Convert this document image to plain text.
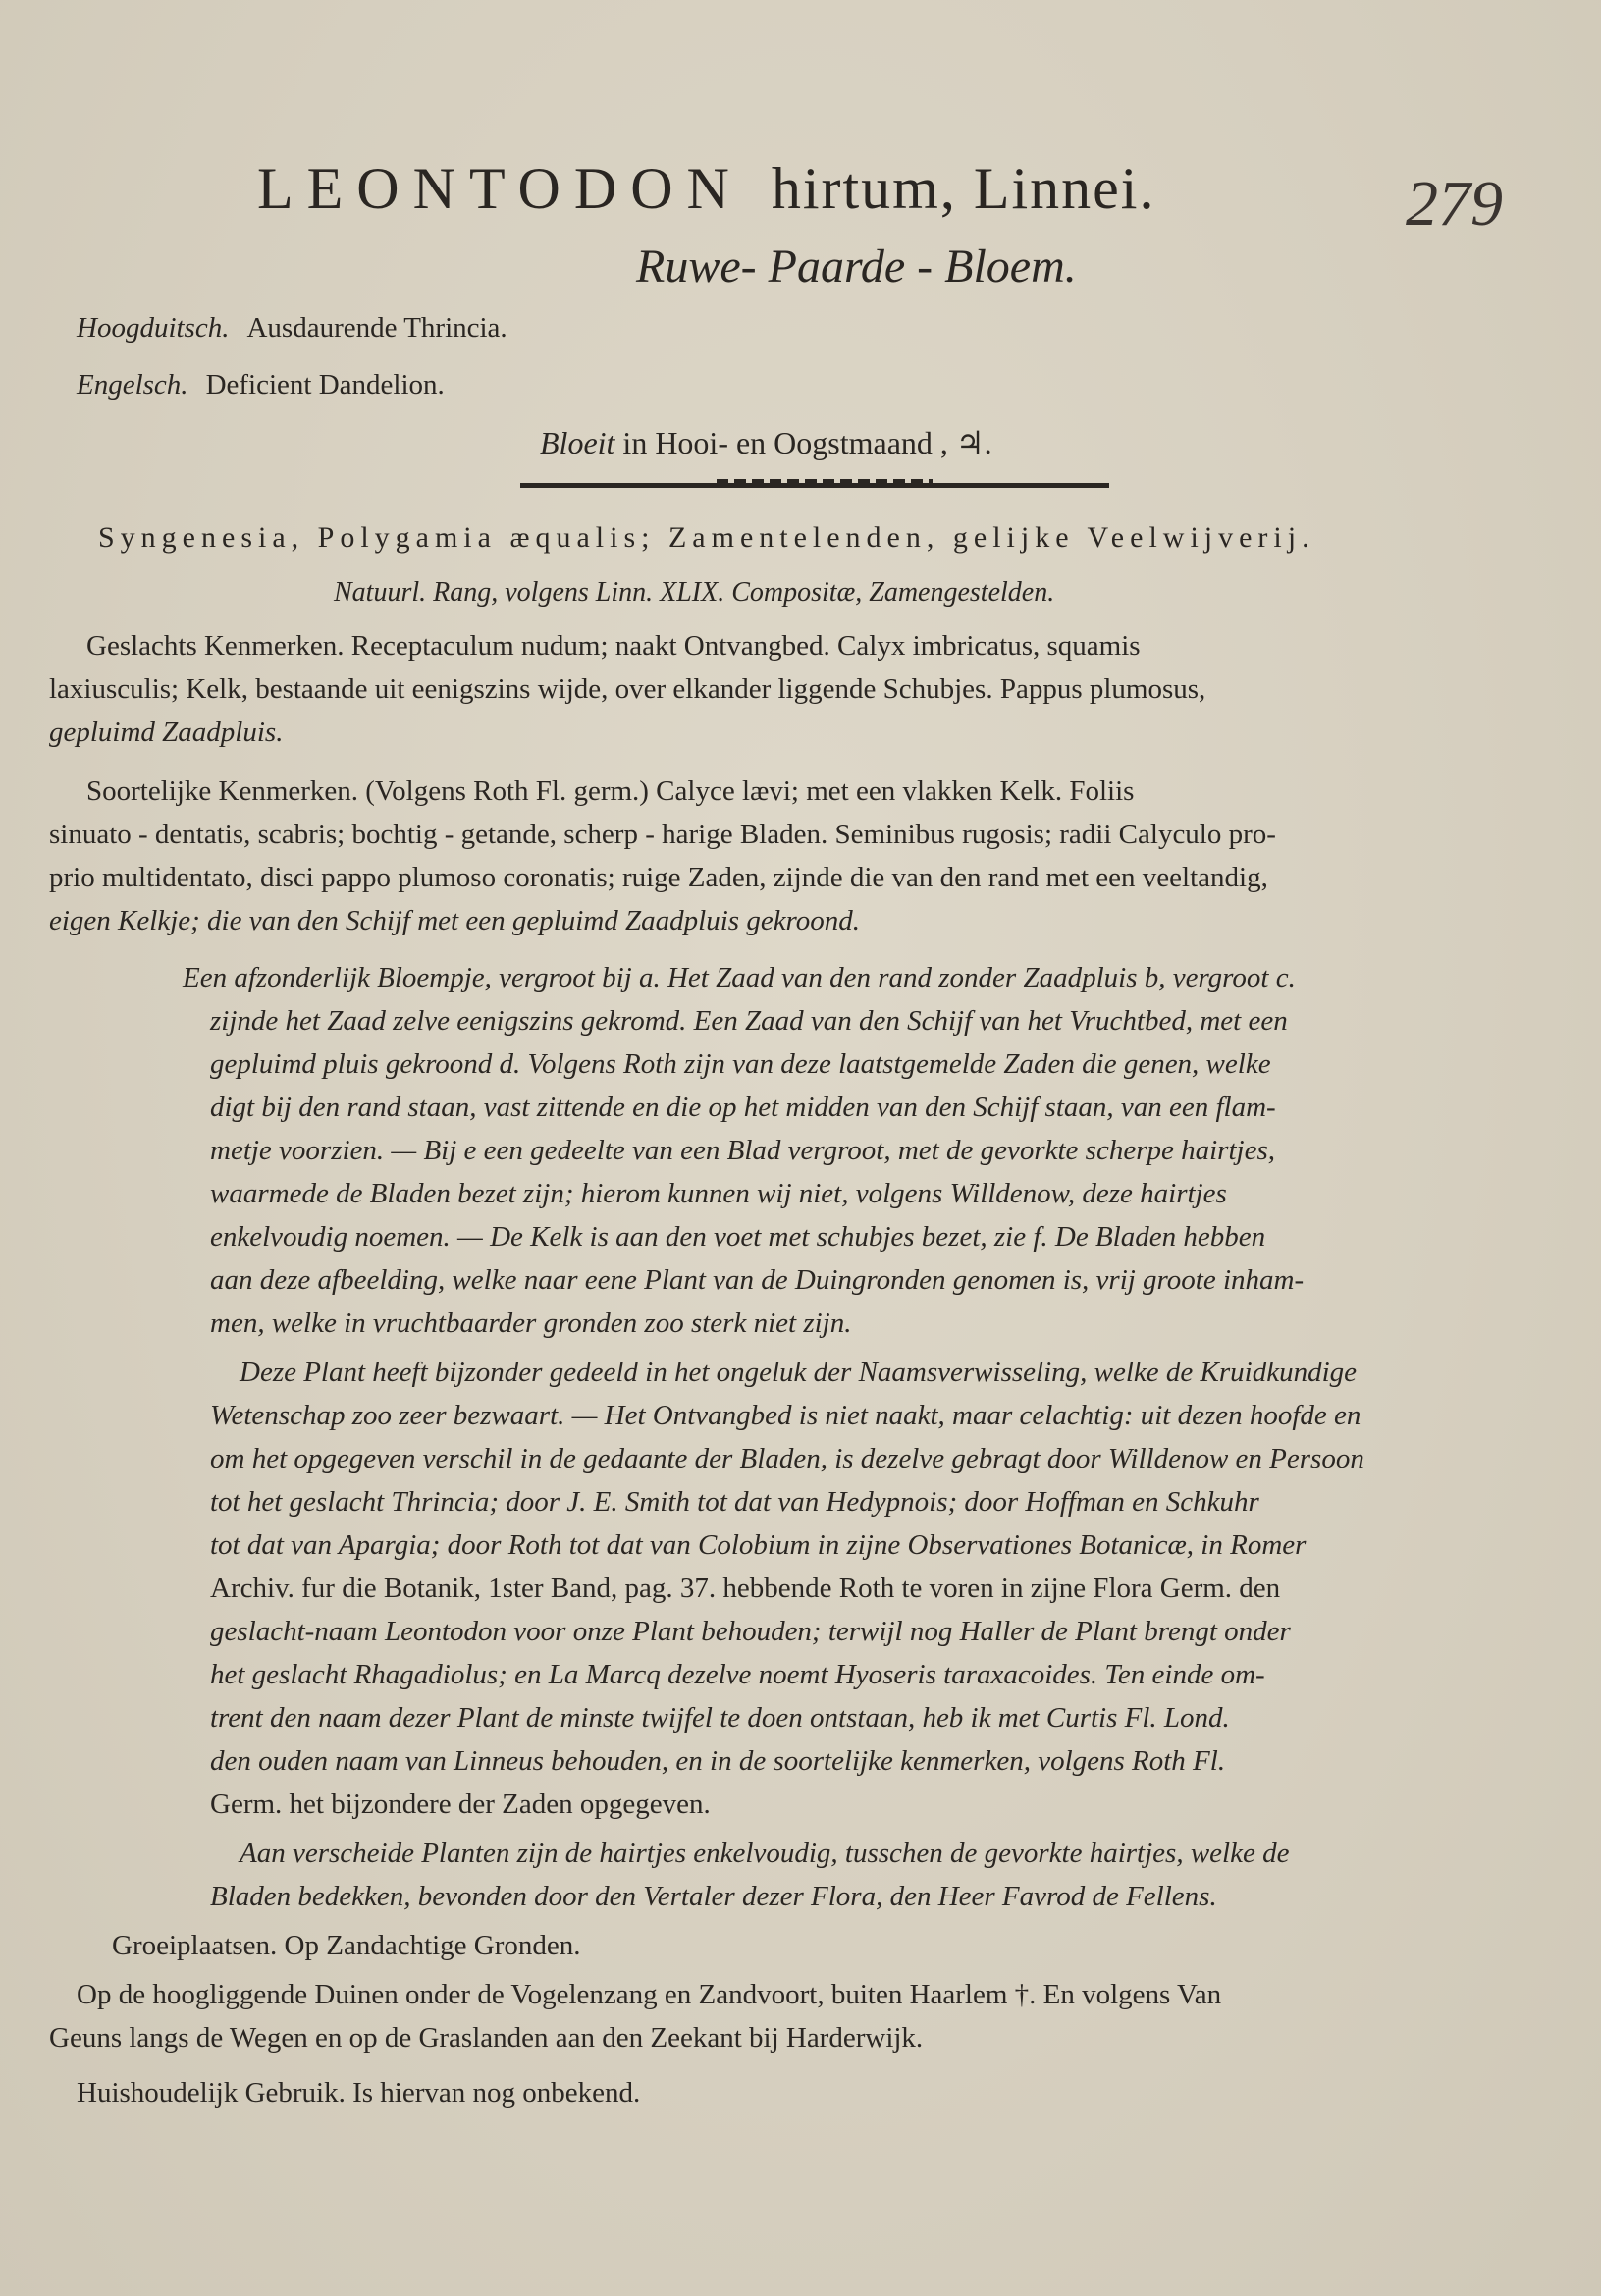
LEONTODON hirtum, Linnei.	279
Ruwe- Paarde - Bloem.
Hoogduitsch. Ausdaurende Thrincia.
Engelsch. Deficient Dandelion.
Bloeit in Hooi- en Oogstmaand , ♃.
Syngenesia, Polygamia æqualis; Zamentelenden, gelijke Veelwijverij.
Natuurl. Rang, volgens Linn. XLIX. Compositæ, Zamengestelden.
Geslachts Kenmerken. Receptaculum nudum; naakt Ontvangbed. Calyx imbricatus, squamis
laxiusculis; Kelk, bestaande uit eenigszins wijde, over elkander liggende Schubjes. Pappus plumosus,
gepluimd Zaadpluis.
Soortelijke Kenmerken. (Volgens Roth Fl. germ.) Calyce lævi; met een vlakken Kelk. Foliis
sinuato - dentatis, scabris; bochtig - getande, scherp - harige Bladen. Seminibus rugosis; radii Calyculo pro-
prio multidentato, disci pappo plumoso coronatis; ruige Zaden, zijnde die van den rand met een veeltandig,
eigen Kelkje; die van den Schijf met een gepluimd Zaadpluis gekroond.
Een afzonderlijk Bloempje, vergroot bij a. Het Zaad van den rand zonder Zaadpluis b, vergroot c.
zijnde het Zaad zelve eenigszins gekromd. Een Zaad van den Schijf van het Vruchtbed, met een
gepluimd pluis gekroond d. Volgens Roth zijn van deze laatstgemelde Zaden die genen, welke
digt bij den rand staan, vast zittende en die op het midden van den Schijf staan, van een flam-
metje voorzien. — Bij e een gedeelte van een Blad vergroot, met de gevorkte scherpe hairtjes,
waarmede de Bladen bezet zijn; hierom kunnen wij niet, volgens Willdenow, deze hairtjes
enkelvoudig noemen. — De Kelk is aan den voet met schubjes bezet, zie f. De Bladen hebben
aan deze afbeelding, welke naar eene Plant van de Duingronden genomen is, vrij groote inham-
men, welke in vruchtbaarder gronden zoo sterk niet zijn.
Deze Plant heeft bijzonder gedeeld in het ongeluk der Naamsverwisseling, welke de Kruidkundige
Wetenschap zoo zeer bezwaart. — Het Ontvangbed is niet naakt, maar celachtig: uit dezen hoofde en
om het opgegeven verschil in de gedaante der Bladen, is dezelve gebragt door Willdenow en Persoon
tot het geslacht Thrincia; door J. E. Smith tot dat van Hedypnois; door Hoffman en Schkuhr
tot dat van Apargia; door Roth tot dat van Colobium in zijne Observationes Botanicæ, in Romer
Archiv. fur die Botanik, 1ster Band, pag. 37. hebbende Roth te voren in zijne Flora Germ. den
geslacht-naam Leontodon voor onze Plant behouden; terwijl nog Haller de Plant brengt onder
het geslacht Rhagadiolus; en La Marcq dezelve noemt Hyoseris taraxacoides. Ten einde om-
trent den naam dezer Plant de minste twijfel te doen ontstaan, heb ik met Curtis Fl. Lond.
den ouden naam van Linneus behouden, en in de soortelijke kenmerken, volgens Roth Fl.
Germ. het bijzondere der Zaden opgegeven.
Aan verscheide Planten zijn de hairtjes enkelvoudig, tusschen de gevorkte hairtjes, welke de
Bladen bedekken, bevonden door den Vertaler dezer Flora, den Heer Favrod de Fellens.
Groeiplaatsen. Op Zandachtige Gronden.
Op de hoogliggende Duinen onder de Vogelenzang en Zandvoort, buiten Haarlem †. En volgens Van
Geuns langs de Wegen en op de Graslanden aan den Zeekant bij Harderwijk.
Huishoudelijk Gebruik. Is hiervan nog onbekend.
